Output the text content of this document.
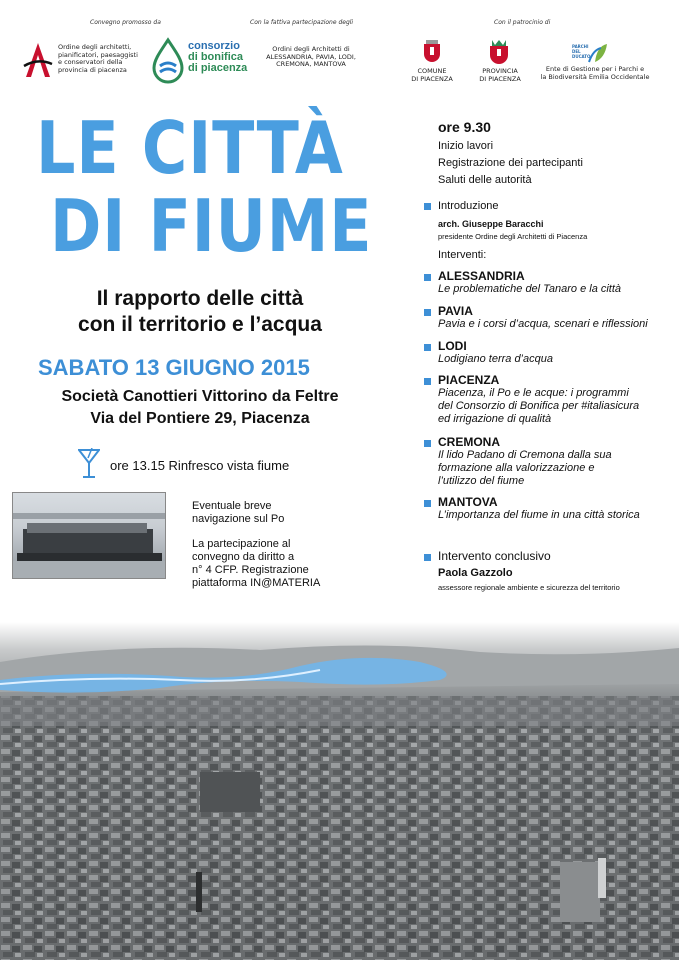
Convegno promosso da	Con la fattiva partecipazione degli	Con il patrocinio di
Ordine degli architetti,
pianificatori, paesaggisti
e conservatori della
provincia di piacenza
consorzio
di bonifica
di piacenza
Ordini degli Architetti di
ALESSANDRIA, PAVIA, LODI,
CREMONA, MANTOVA
COMUNE
DI PIACENZA
PROVINCIA
DI PIACENZA
PARCHI DEL DUCATO
Ente di Gestione per i Parchi e
la Biodiversità Emilia Occidentale
LE CITTÀ
DI FIUME
Il rapporto delle città
con il territorio e l’acqua
SABATO 13 GIUGNO 2015
Società Canottieri Vittorino da Feltre
Via del Pontiere 29, Piacenza
ore 13.15 Rinfresco vista fiume
Eventuale breve
navigazione sul Po
La partecipazione al
convegno da diritto a
n° 4 CFP. Registrazione
piattaforma IN@MATERIA
ore 9.30
Inizio lavori
Registrazione dei partecipanti
Saluti delle autorità
Introduzione
arch. Giuseppe Baracchi
presidente Ordine degli Architetti di Piacenza
Interventi:
ALESSANDRIA
Le problematiche del Tanaro e la città
PAVIA
Pavia e i corsi d’acqua, scenari e riflessioni
LODI
Lodigiano terra d’acqua
PIACENZA
Piacenza, il Po e le acque: i programmi
del Consorzio di Bonifica per #italiasicura
ed irrigazione di qualità
CREMONA
Il lido Padano di Cremona dalla sua
formazione alla valorizzazione e
l’utilizzo del fiume
MANTOVA
L’importanza del fiume in una città storica
Intervento conclusivo
Paola Gazzolo
assessore regionale ambiente e sicurezza del territorio
